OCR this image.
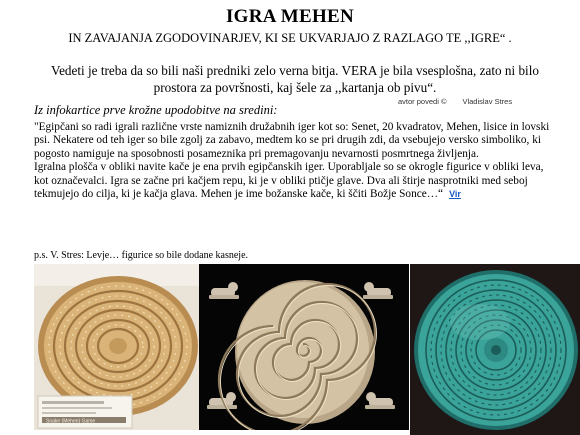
IGRA MEHEN
IN ZAVAJANJA ZGODOVINARJEV, KI SE UKVARJAJO Z RAZLAGO TE ,,IGRE“ .
Vedeti je treba da so bili naši predniki zelo verna bitja. VERA je bila vsesplošna, zato ni bilo prostora za površnosti, kaj šele za ,,kartanja ob pivu“.
avtor povedi © Vladislav Stres
Iz infokartice prve krožne upodobitve na sredini:

"Egipčani so radi igrali različne vrste namiznih družabnih iger kot so: Senet, 20 kvadratov, Mehen, lisice in lovski psi. Nekatere od teh iger so bile zgolj za zabavo, medtem ko se pri drugih zdi, da vsebujejo versko simboliko, ki pogosto namiguje na sposobnosti posameznika pri premagovanju nevarnosti posmrtnega življenja.

Igralna plošča v obliki navite kače je ena prvih egipčanskih iger. Uporabljale so se okrogle figurice v obliki leva, kot označevalci. Igra se začne pri kačjem repu, ki je v obliki ptičje glave. Dva ali štirje nasprotniki med seboj tekmujejo do cilja, ki je kačja glava. Mehen je ime božanske kače, ki ščiti Božje Sonce…“ Vir

p.s. V. Stres: Levje… figurice so bile dodane kasneje.
Snake (Mehen) Game
